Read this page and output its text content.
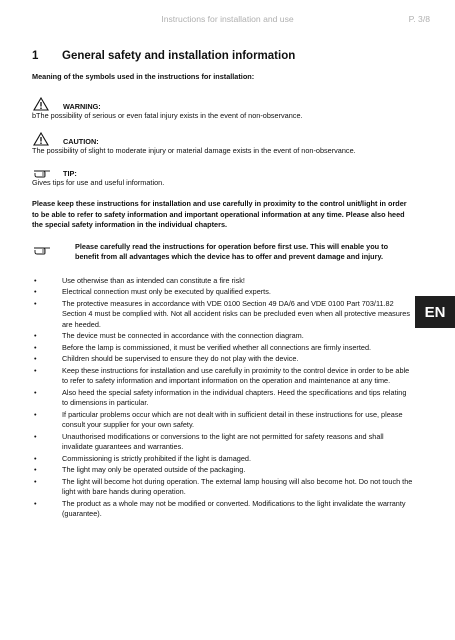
Instructions for installation and use	P. 3/8
EN
1	General safety and installation information

Meaning of the symbols used in the instructions for installation:

WARNING:

bThe possibility of serious or even fatal injury exists in the event of non-observance.

CAUTION:

The possibility of slight to moderate injury or material damage exists in the event of non-observance.

TIP:

Gives tips for use and useful information.

Please keep these instructions for installation and use carefully in proximity to the control unit/light in order to be able to refer to safety information and important operational information at any time. Please also heed the special safety information in the individual chapters.

Please carefully read the instructions for operation before first use. This will enable you to benefit from all advantages which the device has to offer and prevent damage and injury.

•	Use otherwise than as intended can constitute a fire risk!
•	Electrical connection must only be executed by qualified experts.
•	The protective measures in accordance with VDE 0100 Section 49 DA/6 and VDE 0100 Part 703/11.82 Section 4 must be complied with. Not all accident risks can be precluded even when all protective measures are heeded.
•	The device must be connected in accordance with the connection diagram.
•	Before the lamp is commissioned, it must be verified whether all connections are firmly inserted.
•	Children should be supervised to ensure they do not play with the device.
•	Keep these instructions for installation and use carefully in proximity to the control device in order to be able to refer to safety information and important information on the operation and maintenance at any time.
•	Also heed the special safety information in the individual chapters. Heed the specifications and tips relating to dimensions in particular.
•	If particular problems occur which are not dealt with in sufficient detail in these instructions for use, please consult your supplier for your own safety.
•	Unauthorised modifications or conversions to the light are not permitted for safety reasons and shall invalidate guarantees and warranties.
•	Commissioning is strictly prohibited if the light is damaged.
•	The light may only be operated outside of the packaging.
•	The light will become hot during operation. The external lamp housing will also become hot. Do not touch the light with bare hands during operation.
•	The product as a whole may not be modified or converted. Modifications to the light invalidate the warranty (guarantee).
